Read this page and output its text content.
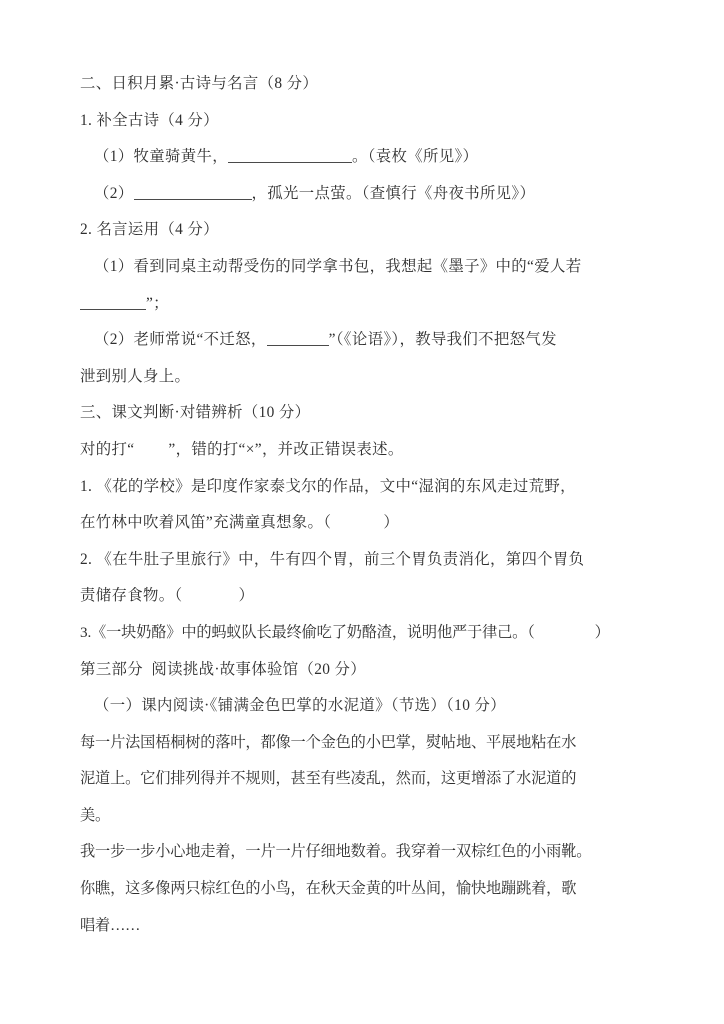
二、日积月累·古诗与名言（8 分）
1. 补全古诗（4 分）
（1）牧童骑黄牛，	。（袁枚《所见》）
（2）	，孤光一点萤。（查慎行《舟夜书所见》）
2. 名言运用（4 分）
（1）看到同桌主动帮受伤的同学拿书包，我想起《墨子》中的“爱人若
”；
（2）老师常说“不迁怒，	”（《论语》），教导我们不把怒气发
泄到别人身上。
三、课文判断·对错辨析（10 分）
对的打“ ”，错的打“×”，并改正错误表述。
1. 《花的学校》是印度作家泰戈尔的作品，文中“湿润的东风走过荒野，
在竹林中吹着风笛”充满童真想象。（	）
2. 《在牛肚子里旅行》中，牛有四个胃，前三个胃负责消化，第四个胃负
责储存食物。（	）
3.《一块奶酪》中的蚂蚁队长最终偷吃了奶酪渣，说明他严于律己。（	）
第三部分  阅读挑战·故事体验馆（20 分）
（一）课内阅读·《铺满金色巴掌的水泥道》（节选）（10 分）
每一片法国梧桐树的落叶，都像一个金色的小巴掌，熨帖地、平展地粘在水
泥道上。它们排列得并不规则，甚至有些凌乱，然而，这更增添了水泥道的
美。
我一步一步小心地走着，一片一片仔细地数着。我穿着一双棕红色的小雨靴。
你瞧，这多像两只棕红色的小鸟，在秋天金黄的叶丛间，愉快地蹦跳着，歌
唱着……
